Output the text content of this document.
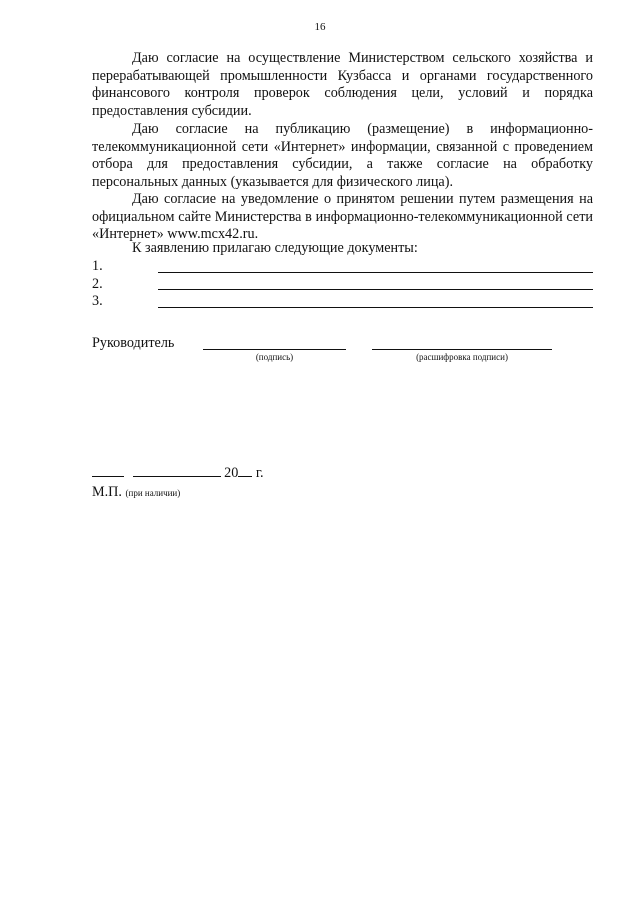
16

Даю согласие на осуществление Министерством сельского хозяйства и перерабатывающей промышленности Кузбасса и органами государственного финансового контроля проверок соблюдения цели, условий и порядка предоставления субсидии.

Даю согласие на публикацию (размещение) в информационно-телекоммуникационной сети «Интернет» информации, связанной с проведением отбора для предоставления субсидии, а также согласие на обработку персональных данных (указывается для физического лица).

Даю согласие на уведомление о принятом решении путем размещения на официальном сайте Министерства в информационно-телекоммуникационной сети «Интернет» www.mcx42.ru.

К заявлению прилагаю следующие документы:

1.
2.
3.
Руководитель
(подпись)	(расшифровка подписи)
20 г.
М.П. (при наличии)
